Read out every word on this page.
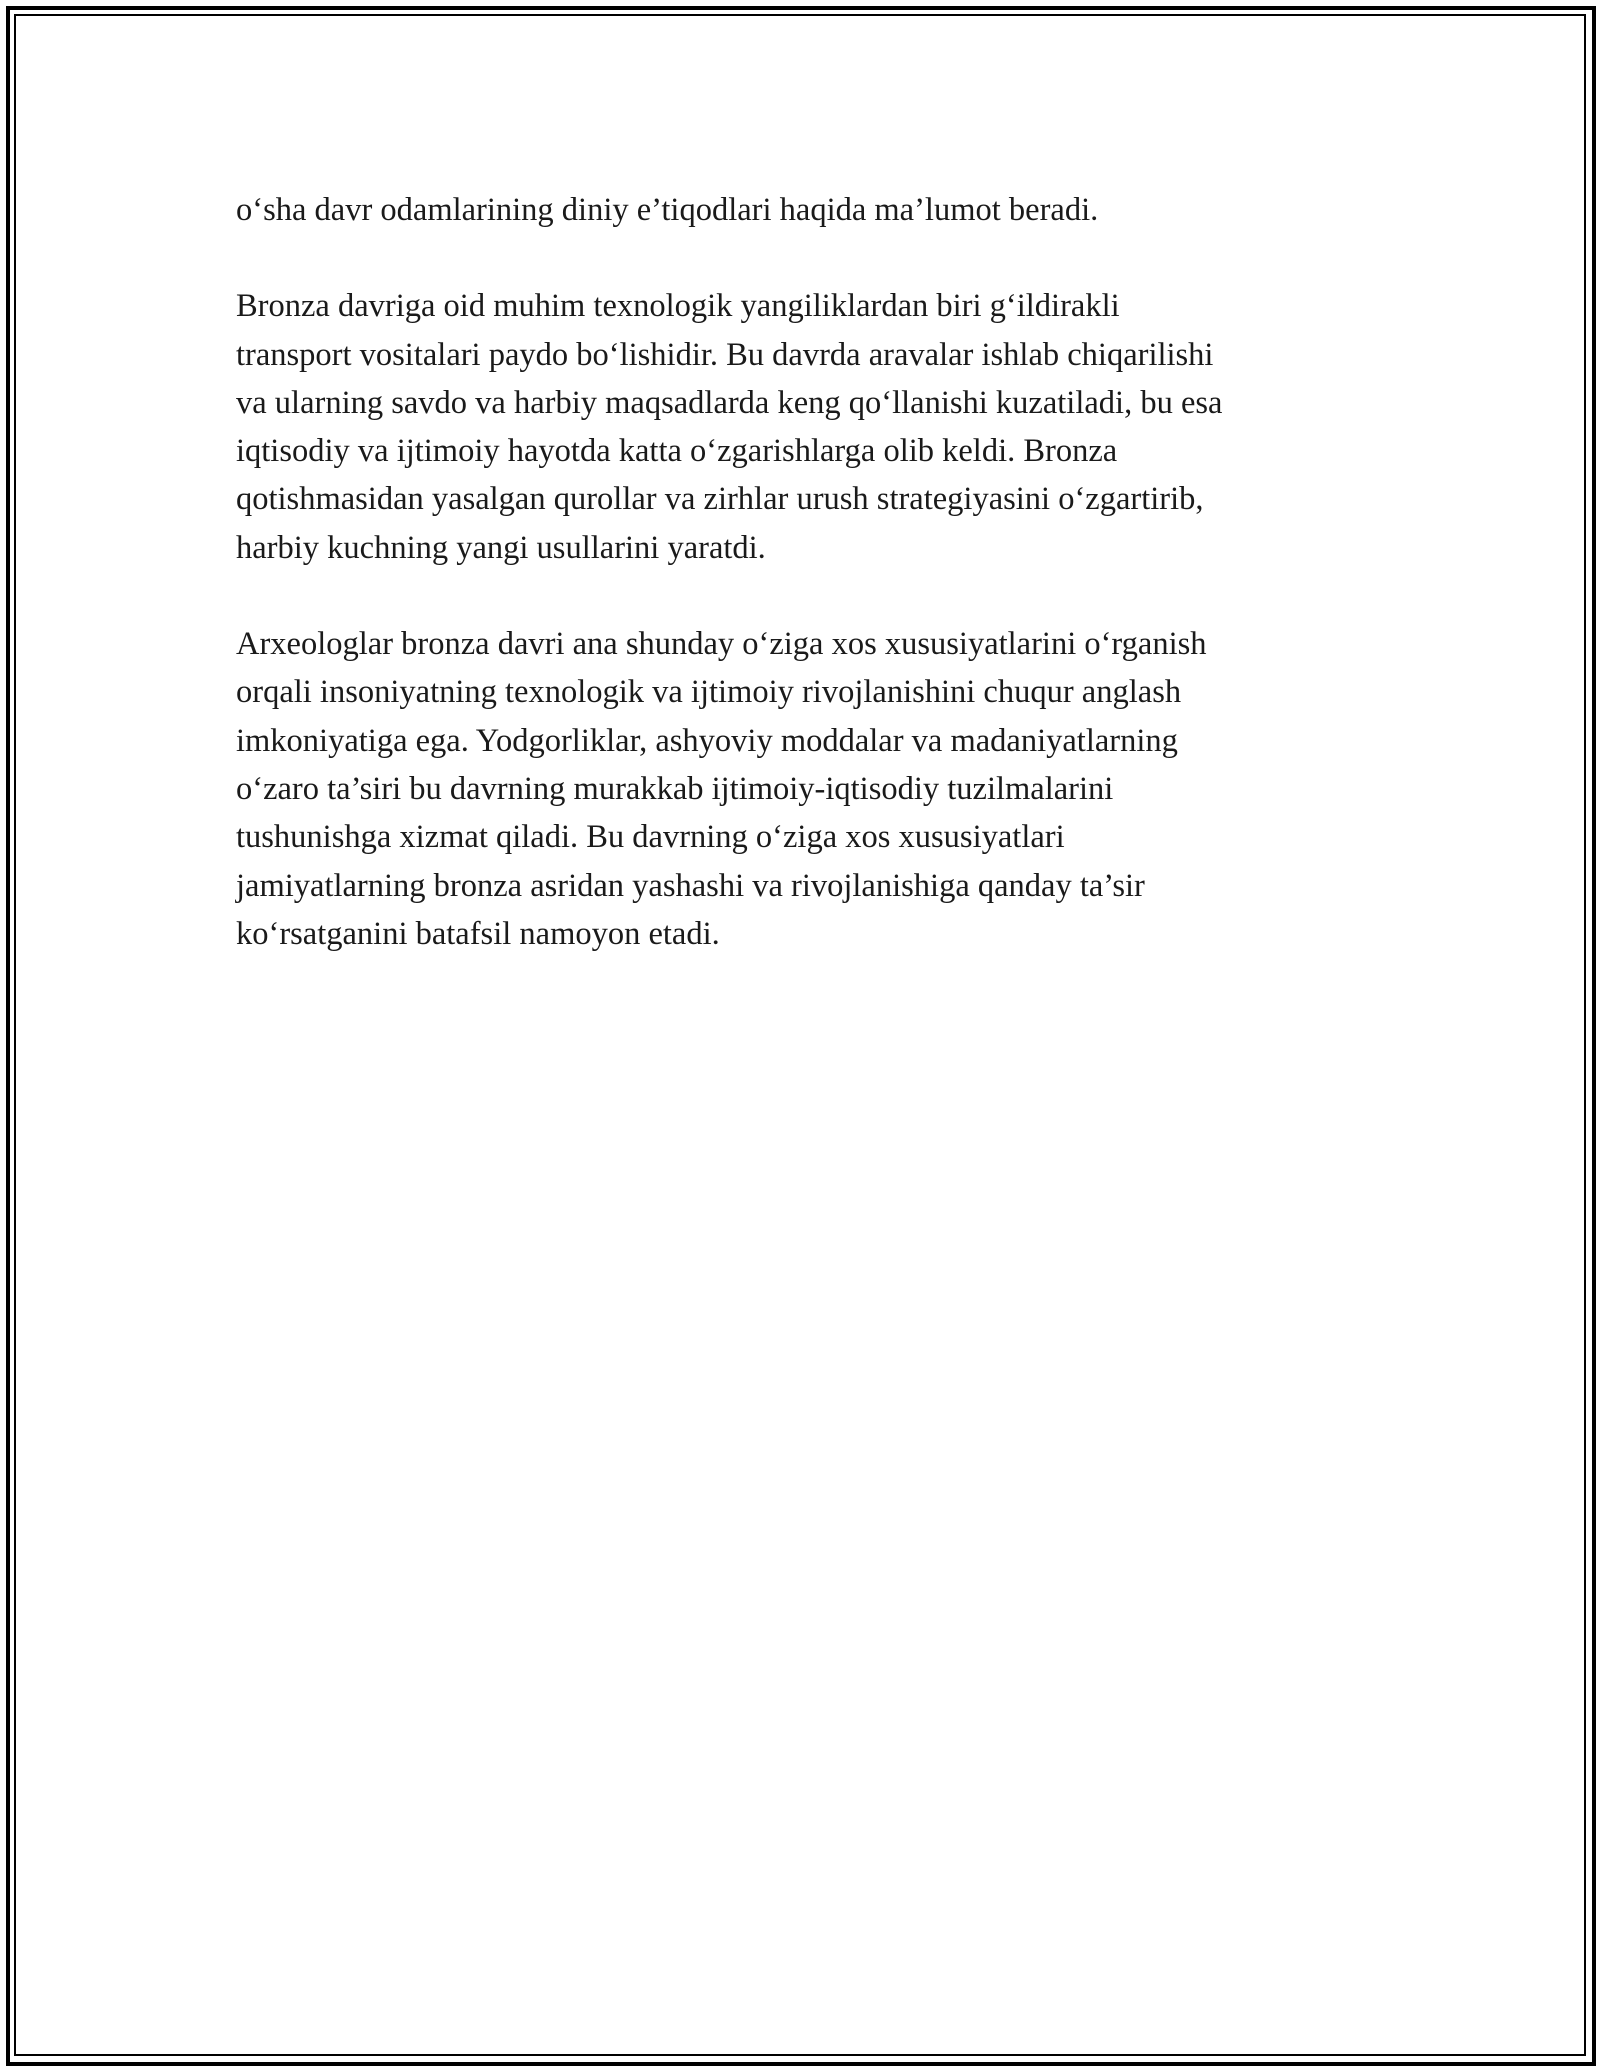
o‘sha davr odamlarining diniy e’tiqodlari haqida ma’lumot beradi.

Bronza davriga oid muhim texnologik yangiliklardan biri g‘ildirakli
transport vositalari paydo bo‘lishidir. Bu davrda aravalar ishlab chiqarilishi
va ularning savdo va harbiy maqsadlarda keng qo‘llanishi kuzatiladi, bu esa
iqtisodiy va ijtimoiy hayotda katta o‘zgarishlarga olib keldi. Bronza
qotishmasidan yasalgan qurollar va zirhlar urush strategiyasini o‘zgartirib,
harbiy kuchning yangi usullarini yaratdi.

Arxeologlar bronza davri ana shunday o‘ziga xos xususiyatlarini o‘rganish
orqali insoniyatning texnologik va ijtimoiy rivojlanishini chuqur anglash
imkoniyatiga ega. Yodgorliklar, ashyoviy moddalar va madaniyatlarning
o‘zaro ta’siri bu davrning murakkab ijtimoiy-iqtisodiy tuzilmalarini
tushunishga xizmat qiladi. Bu davrning o‘ziga xos xususiyatlari
jamiyatlarning bronza asridan yashashi va rivojlanishiga qanday ta’sir
ko‘rsatganini batafsil namoyon etadi.
